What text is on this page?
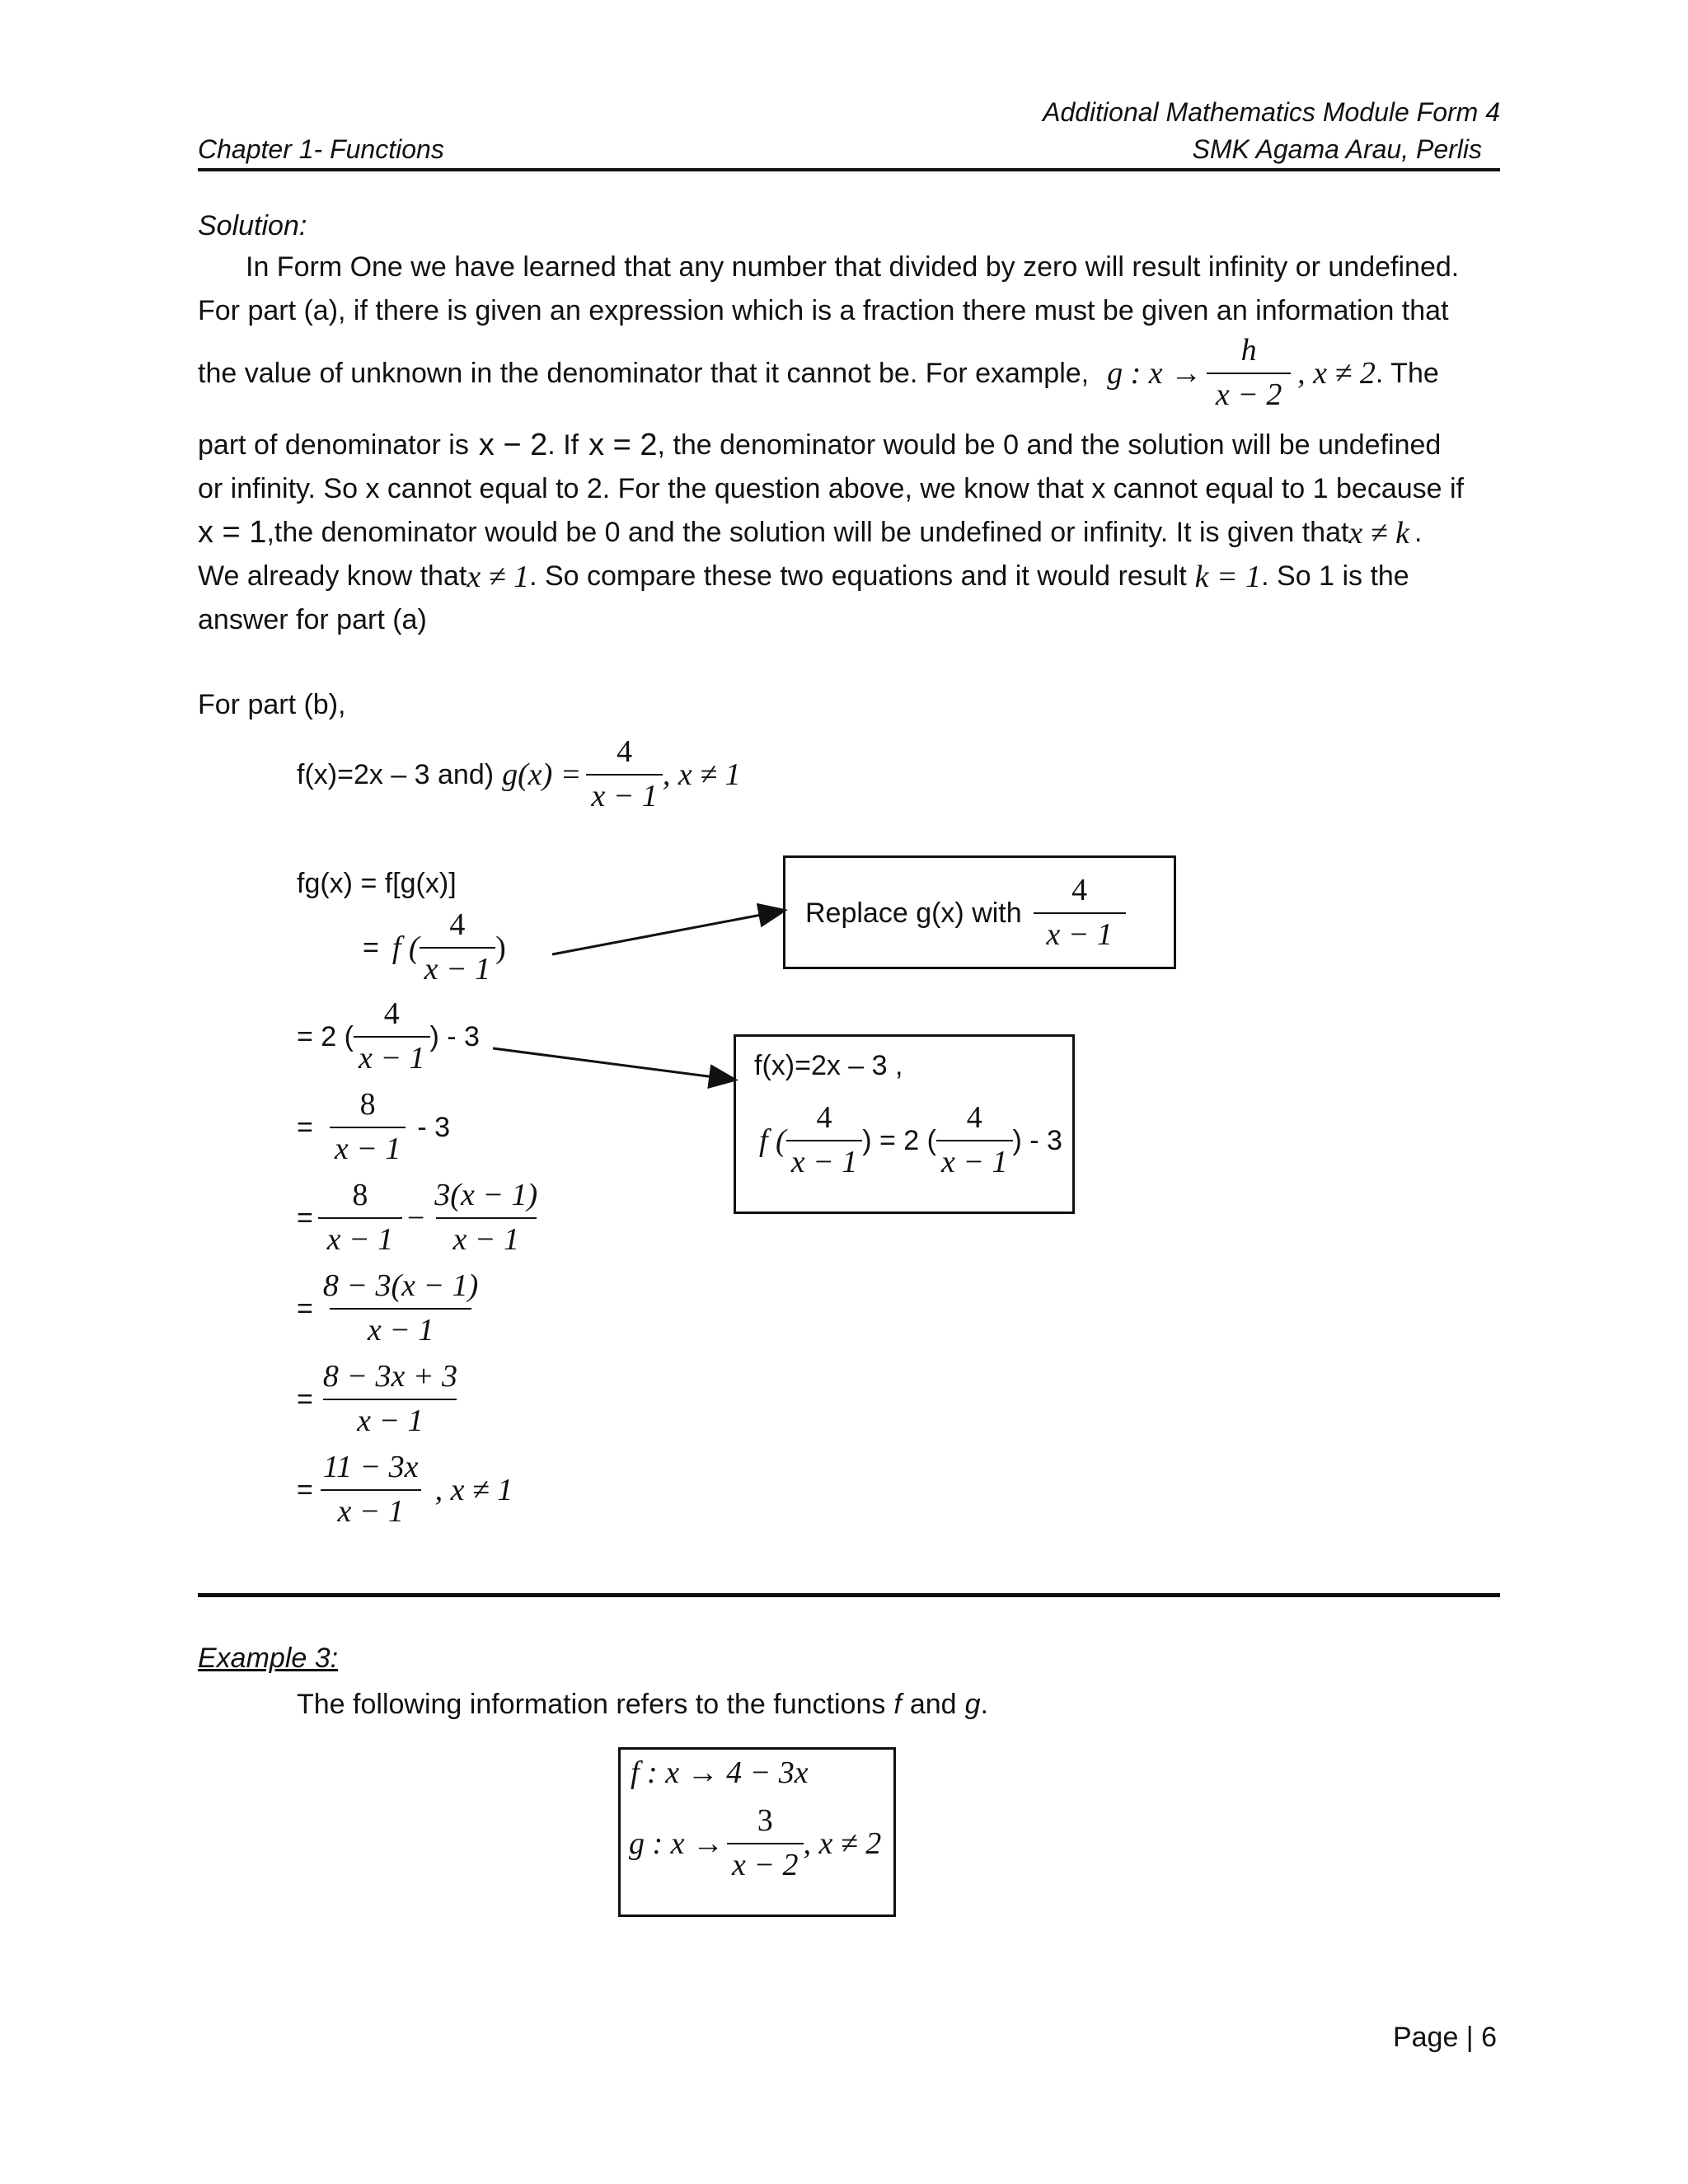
Additional Mathematics Module Form 4
Chapter 1- Functions	SMK Agama Arau, Perlis
Solution:
In Form One we have learned that any number that divided by zero will result infinity or undefined.
For part (a), if there is given an expression which is a fraction there must be given an information that
the value of unknown in the denominator that it cannot be. For example, g : $x \to \frac{h}{x - 2}$ , x ≠ 2 . The
part of denominator is x − 2 . If x = 2 , the denominator would be 0 and the solution will be undefined
or infinity. So x cannot equal to 2. For the question above, we know that x cannot equal to 1 because if
x = 1 ,the denominator would be 0 and the solution will be undefined or infinity. It is given that x ≠ k .
We already know that x ≠ 1 . So compare these two equations and it would result k = 1 . So 1 is the
answer for part (a)
For part (b),
f(x)=2x – 3 and) $g(x) = \frac{4}{x - 1}$ , x ≠ 1
fg(x) = f[g(x)]
= f ( $\frac{4}{x - 1}$ )
= 2 ( $\frac{4}{x - 1}$ ) - 3
= $\frac{8}{x - 1} - 3$
= $\frac{8}{x - 1} - \frac{3(x - 1)}{x - 1}$
= $\frac{8 - 3(x - 1)}{x - 1}$
= $\frac{8 - 3x + 3}{x - 1}$
= $\frac{11 - 3x}{x - 1}$ , x ≠ 1
Replace g(x) with $\frac{4}{x - 1}$
f(x)=2x – 3 ,
f ( $\frac{4}{x - 1}$ ) = 2 ( $\frac{4}{x - 1}$ ) - 3
Example 3:
The following information refers to the functions f and g .
f : x → 4 − 3x
g : $x \to \frac{3}{x - 2}$ , x ≠ 2
Page | 6
